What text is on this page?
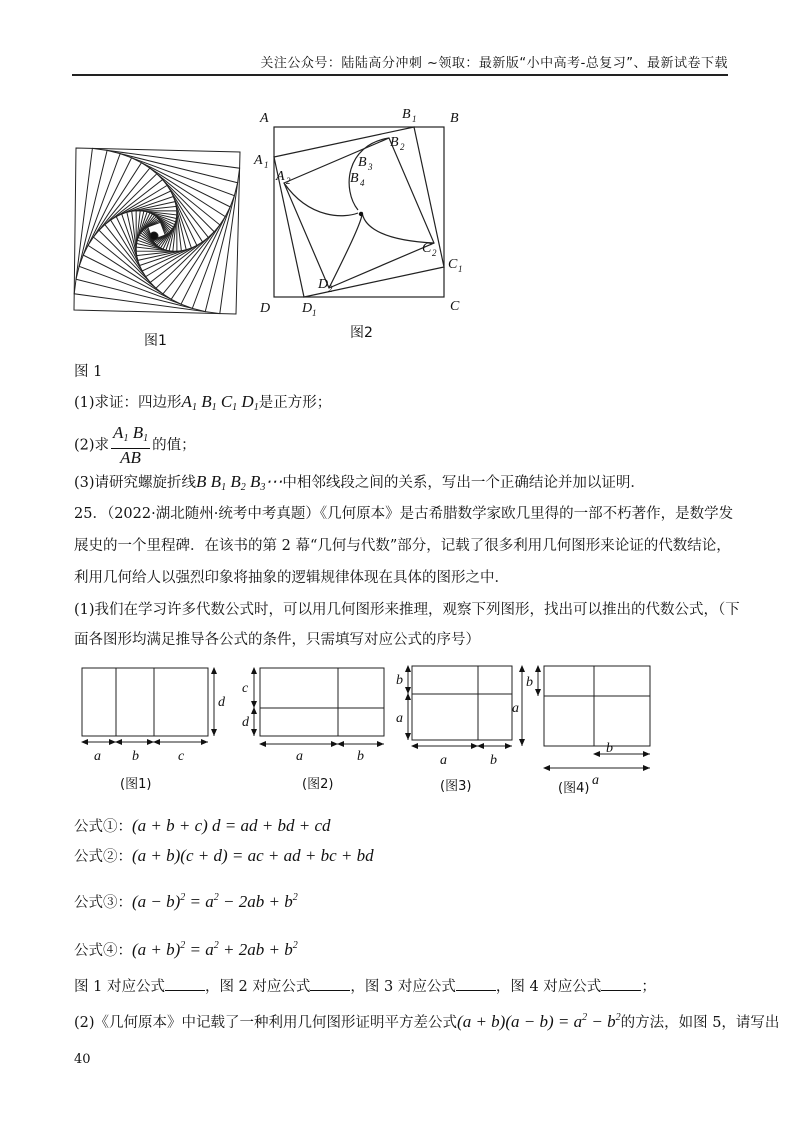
关注公众号：陆陆高分冲刺 ~领取：最新版“小中高考-总复习”、最新试卷下载
图1
A	B
C
D
A 1
B 1
C 1
D 1
A 2
B 2
C 2
D 2
B 3
B 4
图2
图 1
(1)求证：四边形$A_1$ $B_1$ $C_1$ $D_1$是正方形；
(2)求 $\frac{A_1 B_1}{AB}$ 的值；
(3)请研究螺旋折线B $B_1$ $B_2$ $B_3\cdots$中相邻线段之间的关系，写出一个正确结论并加以证明．
25．（2022·湖北随州·统考中考真题）《几何原本》是古希腊数学家欧几里得的一部不朽著作，是数学发
展史的一个里程碑．在该书的第 2 幕“几何与代数”部分，记载了很多利用几何图形来论证的代数结论，
利用几何给人以强烈印象将抽象的逻辑规律体现在具体的图形之中．
(1)我们在学习许多代数公式时，可以用几何图形来推理，观察下列图形，找出可以推出的代数公式，（下
面各图形均满足推导各公式的条件，只需填写对应公式的序号）
a b	c
d
c
d
a	b
b
a
a	b
a
b
b
a
(图1)	(图2)	(图3)	(图4)
公式①：(a + b + c) d = ad + bd + cd
公式②：(a + b)(c + d) = ac + ad + bc + bd
公式③：$(a - b)^2 = a^2 - 2ab + b^2$
公式④：$(a + b)^2 = a^2 + 2ab + b^2$
图 1 对应公式	，图 2 对应公式	，图 3 对应公式	，图 4 对应公式	；
(2)《几何原本》中记载了一种利用几何图形证明平方差公式$(a + b)(a - b) = a^2 - b^2$的方法，如图 5，请写出
40
